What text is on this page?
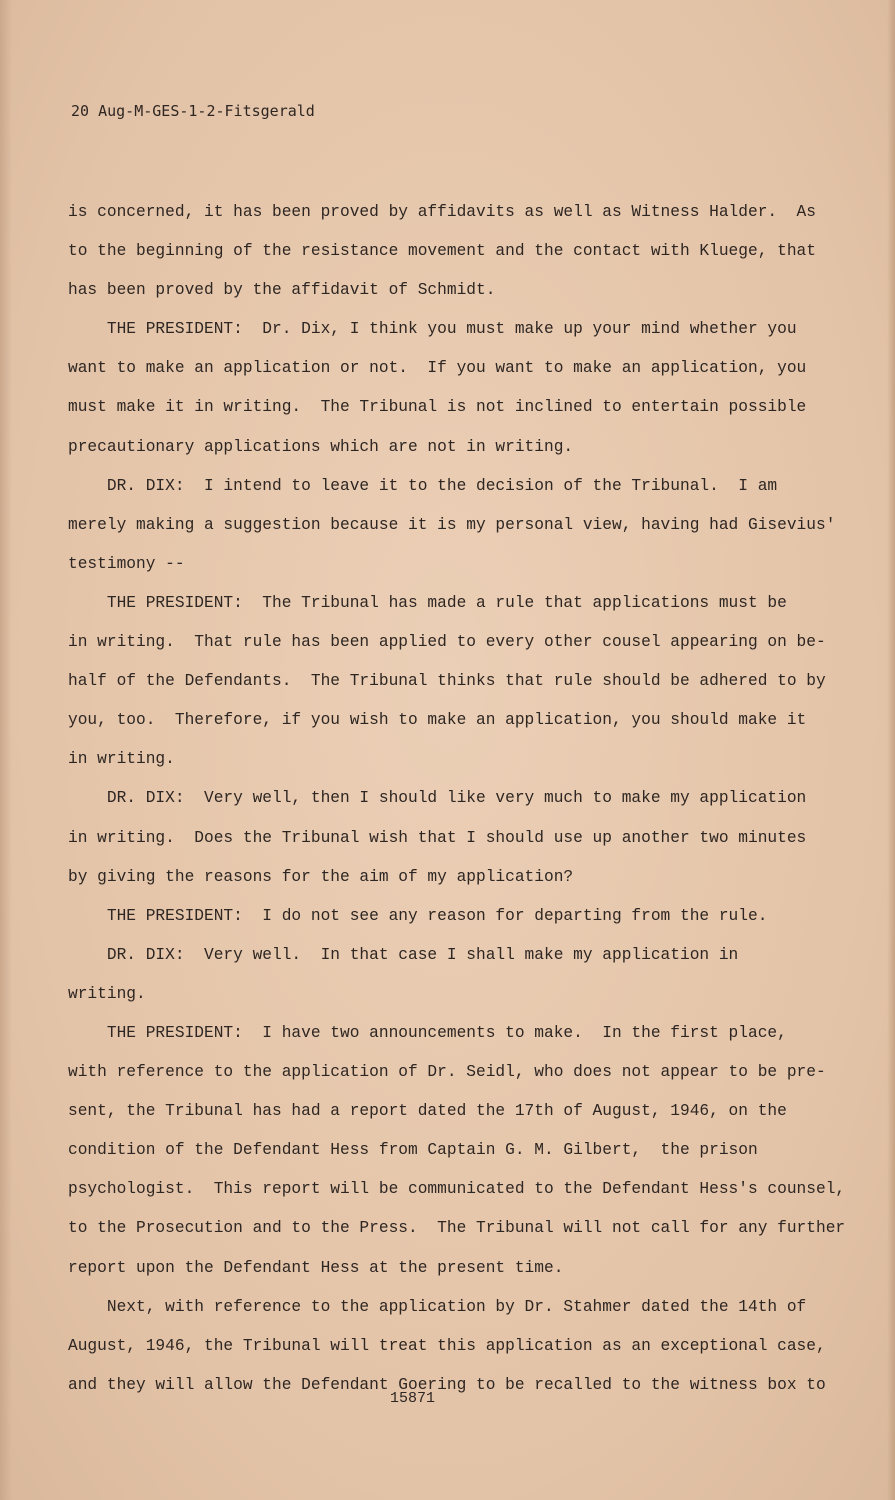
20 Aug-M-GES-1-2-Fitsgerald
is concerned, it has been proved by affidavits as well as Witness Halder.  As
to the beginning of the resistance movement and the contact with Kluege, that
has been proved by the affidavit of Schmidt.
THE PRESIDENT:  Dr. Dix, I think you must make up your mind whether you
want to make an application or not.  If you want to make an application, you
must make it in writing.  The Tribunal is not inclined to entertain possible
precautionary applications which are not in writing.
DR. DIX:  I intend to leave it to the decision of the Tribunal.  I am
merely making a suggestion because it is my personal view, having had Gisevius'
testimony --
THE PRESIDENT:  The Tribunal has made a rule that applications must be
in writing.  That rule has been applied to every other cousel appearing on be-
half of the Defendants.  The Tribunal thinks that rule should be adhered to by
you, too.  Therefore, if you wish to make an application, you should make it
in writing.
DR. DIX:  Very well, then I should like very much to make my application
in writing.  Does the Tribunal wish that I should use up another two minutes
by giving the reasons for the aim of my application?
THE PRESIDENT:  I do not see any reason for departing from the rule.
DR. DIX:  Very well.  In that case I shall make my application in
writing.
THE PRESIDENT:  I have two announcements to make.  In the first place,
with reference to the application of Dr. Seidl, who does not appear to be pre-
sent, the Tribunal has had a report dated the 17th of August, 1946, on the
condition of the Defendant Hess from Captain G. M. Gilbert,  the prison
psychologist.  This report will be communicated to the Defendant Hess's counsel,
to the Prosecution and to the Press.  The Tribunal will not call for any further
report upon the Defendant Hess at the present time.
Next, with reference to the application by Dr. Stahmer dated the 14th of
August, 1946, the Tribunal will treat this application as an exceptional case,
and they will allow the Defendant Goering to be recalled to the witness box to
15871
